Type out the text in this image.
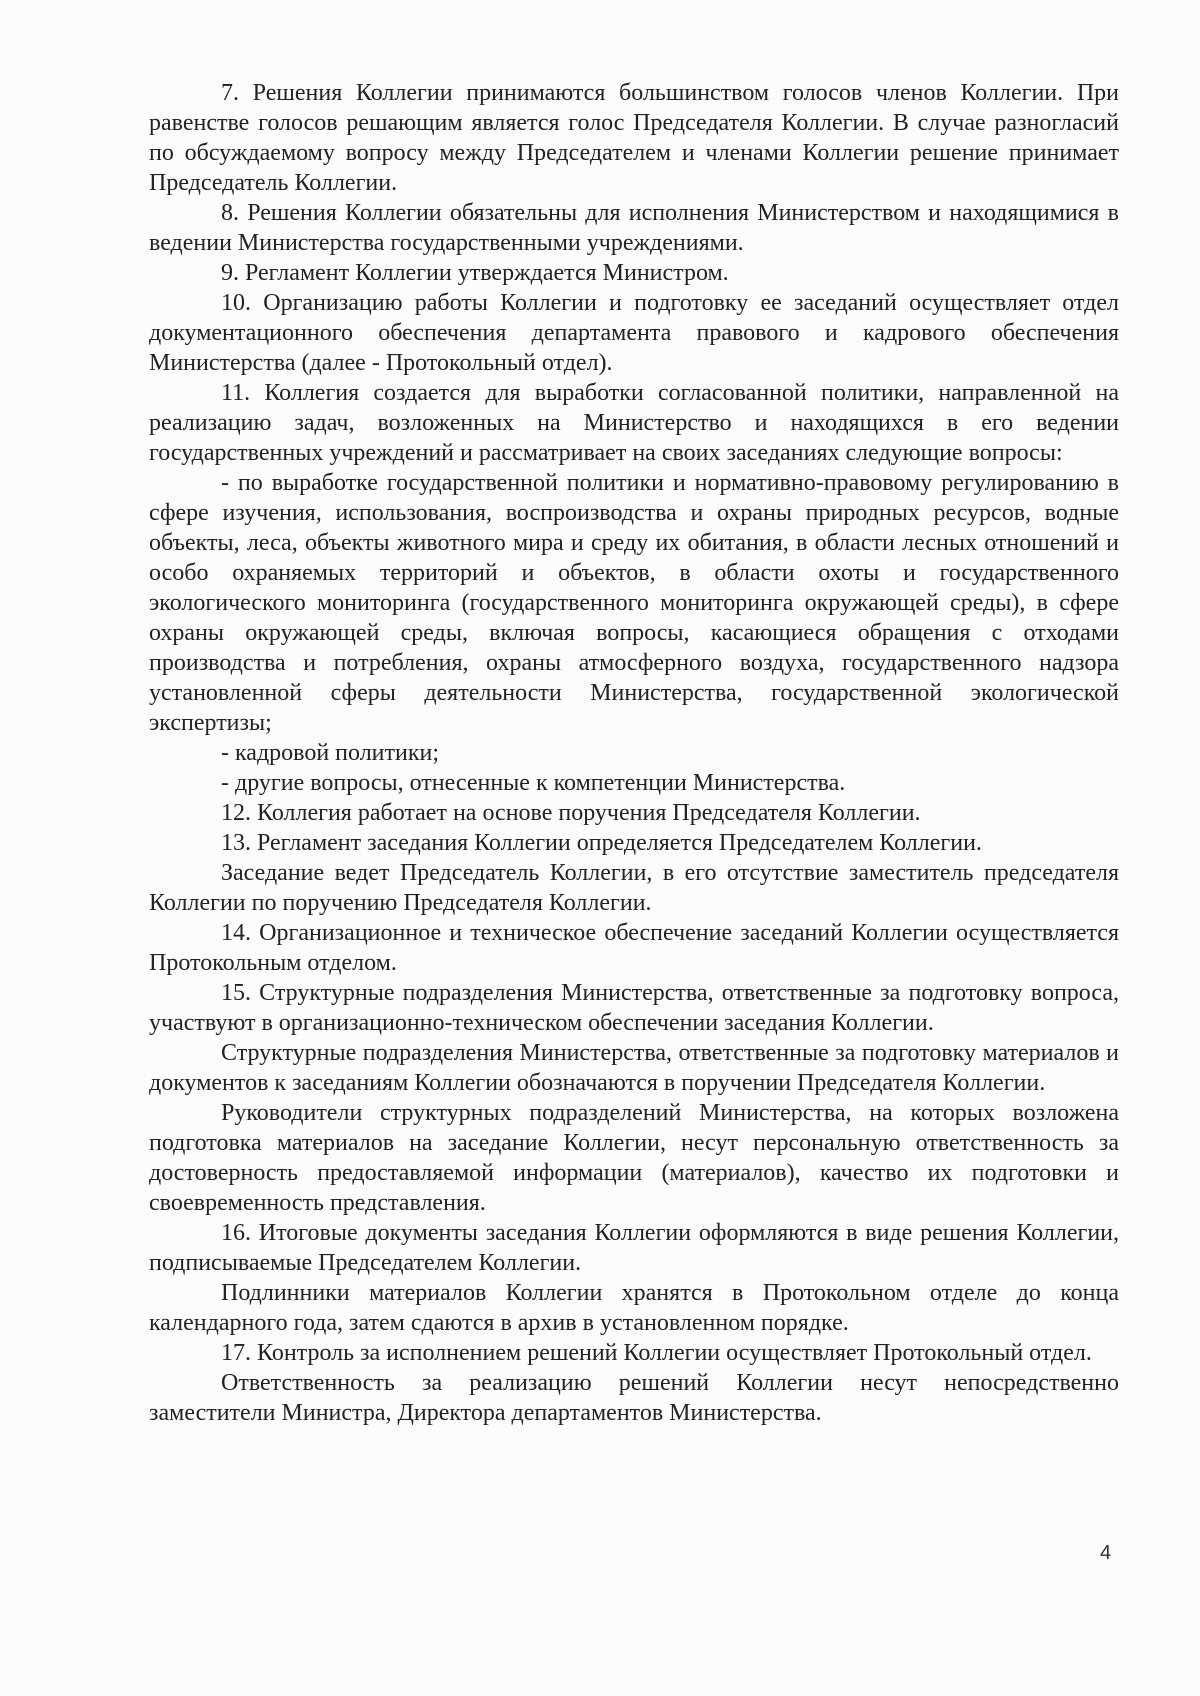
7. Решения Коллегии принимаются большинством голосов членов Коллегии. При равенстве голосов решающим является голос Председателя Коллегии. В случае разногласий по обсуждаемому вопросу между Председателем и членами Коллегии решение принимает Председатель Коллегии.

8. Решения Коллегии обязательны для исполнения Министерством и находящимися в ведении Министерства государственными учреждениями.

9. Регламент Коллегии утверждается Министром.

10. Организацию работы Коллегии и подготовку ее заседаний осуществляет отдел документационного обеспечения департамента правового и кадрового обеспечения Министерства (далее - Протокольный отдел).

11. Коллегия создается для выработки согласованной политики, направленной на реализацию задач, возложенных на Министерство и находящихся в его ведении государственных учреждений и рассматривает на своих заседаниях следующие вопросы:

- по выработке государственной политики и нормативно-правовому регулированию в сфере изучения, использования, воспроизводства и охраны природных ресурсов, водные объекты, леса, объекты животного мира и среду их обитания, в области лесных отношений и особо охраняемых территорий и объектов, в области охоты и государственного экологического мониторинга (государственного мониторинга окружающей среды), в сфере охраны окружающей среды, включая вопросы, касающиеся обращения с отходами производства и потребления, охраны атмосферного воздуха, государственного надзора установленной сферы деятельности Министерства, государственной экологической экспертизы;

- кадровой политики;

- другие вопросы, отнесенные к компетенции Министерства.

12. Коллегия работает на основе поручения Председателя Коллегии.

13. Регламент заседания Коллегии определяется Председателем Коллегии.

Заседание ведет Председатель Коллегии, в его отсутствие заместитель председателя Коллегии по поручению Председателя Коллегии.

14. Организационное и техническое обеспечение заседаний Коллегии осуществляется Протокольным отделом.

15. Структурные подразделения Министерства, ответственные за подготовку вопроса, участвуют в организационно-техническом обеспечении заседания Коллегии.

Структурные подразделения Министерства, ответственные за подготовку материалов и документов к заседаниям Коллегии обозначаются в поручении Председателя Коллегии.

Руководители структурных подразделений Министерства, на которых возложена подготовка материалов на заседание Коллегии, несут персональную ответственность за достоверность предоставляемой информации (материалов), качество их подготовки и своевременность представления.

16. Итоговые документы заседания Коллегии оформляются в виде решения Коллегии, подписываемые Председателем Коллегии.

Подлинники материалов Коллегии хранятся в Протокольном отделе до конца календарного года, затем сдаются в архив в установленном порядке.

17. Контроль за исполнением решений Коллегии осуществляет Протокольный отдел.

Ответственность за реализацию решений Коллегии несут непосредственно заместители Министра, Директора департаментов Министерства.

4
